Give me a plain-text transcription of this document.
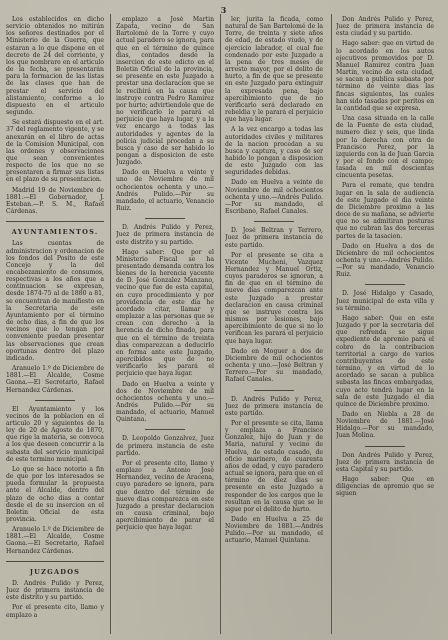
3

Los establecidos en dicho servicio obtenidos no mitirán los señores destinados por el Ministerio de la Guerra, que estaran a lo que dispone en el decreto de 24 del corriente, y los que nombrare en el articulo de la fecha, se presentarán para la formacion de las listas de las clases que han de prestar el servicio del alistamiento, conforme a lo dispuesto en el articulo segundo.

Se estará dispuesto en el art. 37 del reglamento vigente, y se anexarán en el libro de actas de la Comision Municipal, con las ordenes y observaciones que sean convenientes respecto de los que no se presentaren a firmar sus listas en el plazo de su presentacion.

Madrid 19 de Noviembre de 1881.—El Gobernador, J. Esteban.—P. S. M., Rafael Cárdenas.

AYUNTAMIENTOS.

Las cuentas de administracion y ordenacion de los fondos del Posito de este Concejo y la del encabezamiento de consumos, respectivas a los años que a continuacion se expresan, desde 1874-75 al de 1880 a 81, se encuentran de manifiesto en la Secretaria de este Ayuntamiento por el término de ocho dias, a fin de que los vecinos que lo tengan por conveniente puedan presentar las observaciones que crean oportunas dentro del plazo indicado.

Aranuelo 1.º de Diciembre de 1881.—El Alcalde, Cosme Gaona.—El Secretario, Rafael Hernandez Cárdenas.

El Ayuntamiento y los vecinos de la poblacion en el articulo 20 y siguientes de la ley de 20 de Agosto de 1870, que rige la materia, se convoca a los que deseen concurrir a la subasta del servicio municipal de este termino municipal.

Lo que se hace notorio a fin de que por los interesados se pueda formular la propuesta ante el Alcalde, dentro del plazo de ocho dias a contar desde el de su insercion en el Boletin Oficial de esta provincia.

Aranuelo 1.º de Diciembre de 1881.—El Alcalde, Cosme Gaona.—El Secretario, Rafael Hernandez Cárdenas.

JUZGADOS

D. Andrés Pulido y Perez, Juez de primera instancia de este distrito y su partido.

Por el presente cito, llamo y emplazo a

emplazo a José Martin Zapata, vecino de San Bartolomé de la Torre y cuyo actual paradero se ignora, para que en el término de quince dias, contados desde la insercion de este edicto en el Boletin Oficial de la provincia, se presente en este Juzgado a prestar una declaracion que se le recibirá en la causa que instruye contra Pedro Ramirez por hurto; advirtiendole que de no verificarlo le parará el perjuicio que haya lugar, y a la vez encargo a todas las autoridades y agentes de la policia judicial procedan a su busca y caso de ser habido lo pongan a disposicion de este Juzgado.

Dado en Huelva a veinte y uno de Noviembre de mil ochocientos ochenta y uno.—Andrés Pulido.—Por su mandado, el actuario, Venancio Ruiz.

D. Andrés Pulido y Perez, Juez de primera instancia de este distrito y su partido.

Hago saber: Que por el Ministerio Fiscal se ha presentado demanda contra los bienes de la herencia yacente de D. José Gonzalez Manzano, vecino que fue de esta capital, en cuyo procedimiento y por providencia de este dia he acordado citar, llamar y emplazar a las personas que se crean con derecho a la herencia de dicho finado, para que en el término de treinta dias comparezcan a deducirlo en forma ante este Juzgado, apercibidos que de no verificarlo les parará el perjuicio que haya lugar.

Dado en Huelva a veinte y dos de Noviembre de mil ochocientos ochenta y uno.—Andrés Pulido.—Por su mandado, el actuario, Manuel Quintana.

D. Leopoldo Gonzalvez, Juez de primera instancia de este partido.

Por el presente cito, llamo y emplazo a Antonio José Hernandez, vecino de Aracena, cuyo paradero se ignora, para que dentro del término de nueve dias comparezca en este Juzgado a prestar declaracion en causa criminal, bajo apercibimiento de parar el perjuicio que haya lugar.

ler, jurita la ficada, como natural de San Bartolomé de la Torre, de treinta y siete años de edad, de estado viudo, y de ejercicio labrador, el cual fue condenado por este Juzgado a la pena de tres meses de arresto mayor, por el delito de hurto, a fin de que se presente en este Juzgado para extinguir la expresada pena, bajo apercibimiento que de no verificarlo será declarado en rebeldia y le parará el perjuicio que haya lugar.

A la vez encargo a todas las autoridades civiles y militares de la nacion procedan a su busca y captura, y caso de ser habido lo pongan a disposicion de este Juzgado con las seguridades debidas.

Dado en Huelva a veinte de Noviembre de mil ochocientos ochenta y uno.—Andrés Pulido.—Por su mandado, el Escribano, Rafael Canales.

D. José Beltran y Terrero, Juez de primera instancia de este partido.

Por el presente se cita a Vicente Mucheni, Vazquez Hernandez y Manuel Ortiz, cuyos paraderos se ignoran, a fin de que en el término de nueve dias comparezcan ante este Juzgado a prestar declaracion en causa criminal que se instruye contra los mismos por lesiones, bajo apercibimiento de que si no lo verifican les parará el perjuicio que haya lugar.

Dado en Moguer a dos de Diciembre de mil ochocientos ochenta y uno.—José Beltran y Terrero.—Por su mandado, Rafael Canales.

D. Andrés Pulido y Perez, Juez de primera instancia de este partido.

Por el presente se cita, llama y emplaza a Francisco Gonzalez, hijo de Juan y de Maria, natural y vecino de Huelva, de estado casado, de oficio marinero, de cuarenta años de edad, y cuyo paradero actual se ignora, para que en el término de diez dias se presente en este Juzgado a responder de los cargos que le resultan en la causa que se le sigue por el delito de hurto.

Dado en Huelva a 25 de Noviembre de 1881.—Andrés Pulido.—Por su mandado, el actuario, Manuel Quintana.

Don Andrés Pulido y Perez, Juez de primera instancia de esta ciudad y su partido.

Hago saber: que en virtud de lo acordado en los autos ejecutivos promovidos por D. Manuel Ramirez contra Juan Martin, vecino de esta ciudad, se sacan a publica subasta por término de veinte dias las fincas siguientes, las cuales han sido tasadas por peritos en la cantidad que se expresa.

Una casa situada en la calle de la Fuente de esta ciudad, numero diez y seis, que linda por la derecha con otra de Francisco Perez, por la izquierda con la de Juan Garcia y por el fondo con el campo; tasada en mil doscientas cincuenta pesetas.

Para el remate, que tendra lugar en la sala de audiencia de este Juzgado el dia veinte de Diciembre proximo a las doce de su mañana, se advierte que no se admitiran posturas que no cubran las dos terceras partes de la tasacion.

Dado en Huelva a dos de Diciembre de mil ochocientos ochenta y uno.—Andrés Pulido.—Por su mandado, Venancio Ruiz.

D. José Hidalgo y Casado, Juez municipal de esta villa y su término.

Hago saber: Que en este Juzgado y por la secretaria del que refrenda se sigue expediente de apremio para el cobro de la contribucion territorial a cargo de varios contribuyentes de este término, y en virtud de lo acordado se sacan a publica subasta las fincas embargadas, cuyo acto tendrá lugar en la sala de este Juzgado el dia quince de Diciembre proximo.

Dado en Niebla a 28 de Noviembre de 1881.—José Hidalgo.—Por su mandado, Juan Molina.

Don Andrés Pulido y Perez, Juez de primera instancia de esta Capital y su partido.

Hago saber: Que en diligencias de apremio que se siguen
